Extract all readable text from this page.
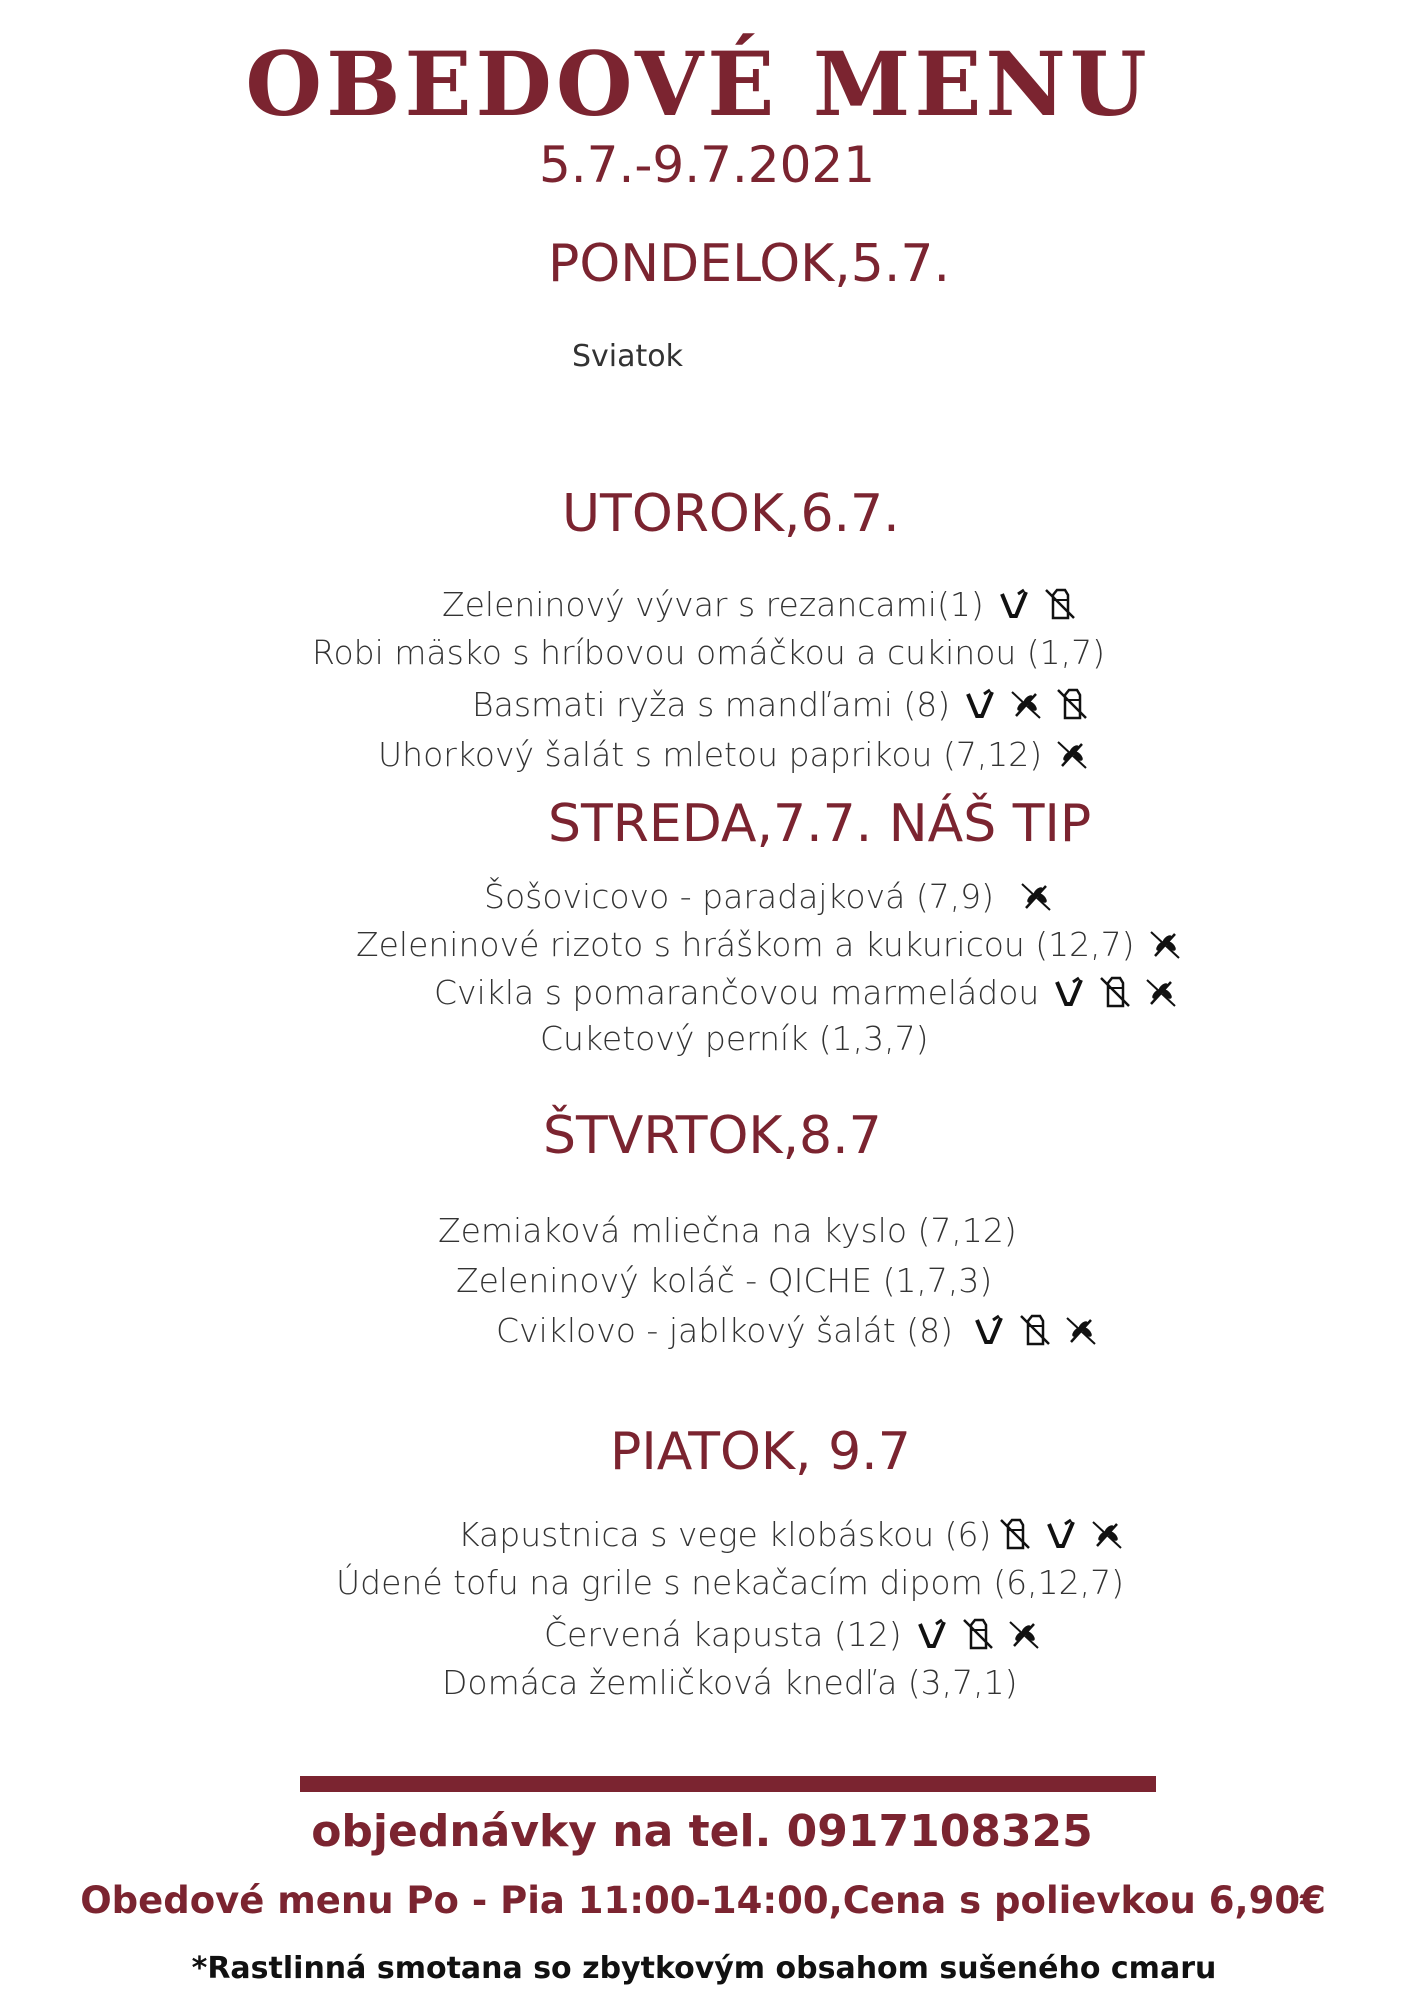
OBEDOVÉ MENU
5.7.-9.7.2021
PONDELOK,5.7.
Sviatok
UTOROK,6.7.
Zeleninový vývar s rezancami(1)
Robi mäsko s hríbovou omáčkou a cukinou (1,7)
Basmati ryža s mandľami (8)
Uhorkový šalát s mletou paprikou (7,12)
STREDA,7.7. NÁŠ TIP
Šošovicovo - paradajková (7,9)
Zeleninové rizoto s hráškom a kukuricou (12,7)
Cvikla s pomarančovou marmeládou
Cuketový perník (1,3,7)
ŠTVRTOK,8.7
Zemiaková mliečna na kyslo (7,12)
Zeleninový koláč - QICHE (1,7,3)
Cviklovo - jablkový šalát (8)
PIATOK, 9.7
Kapustnica s vege klobáskou (6)
Údené tofu na grile s nekačacím dipom (6,12,7)
Červená kapusta (12)
Domáca žemličková knedľa (3,7,1)
objednávky na tel. 0917108325
Obedové menu Po - Pia 11:00-14:00,Cena s polievkou 6,90€
*Rastlinná smotana so zbytkovým obsahom sušeného cmaru
